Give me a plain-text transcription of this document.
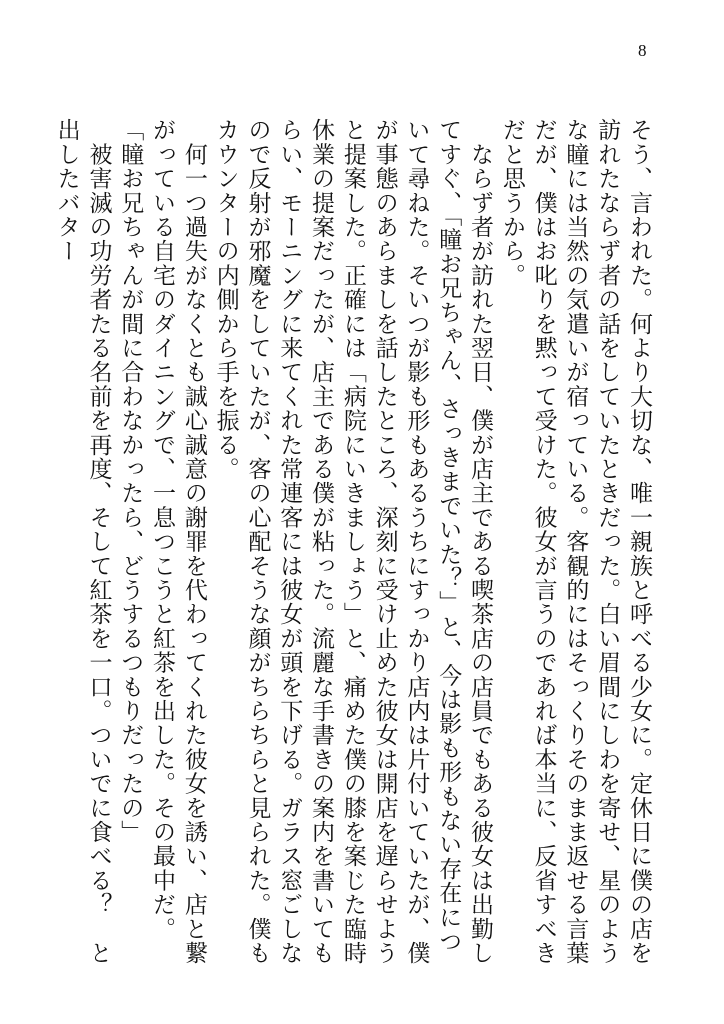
8

そう、言われた。何より大切な、唯一親族と呼べる少女に。定休日に僕の店を訪れたならず者の話をしていたときだった。白い眉間にしわを寄せ、星のような瞳には当然の気遣いが宿っている。客観的にはそっくりそのまま返せる言葉だが、僕はお叱りを黙って受けた。彼女が言うのであれば本当に、反省すべきだと思うから。

　ならず者が訪れた翌日、僕が店主である喫茶店の店員でもある彼女は出勤してすぐ、「瞳お兄ちゃん、さっきまでいた？」と、今は影も形もない存在について尋ねた。そいつが影も形もあるうちにすっかり店内は片付いていたが、僕が事態のあらましを話したところ、深刻に受け止めた彼女は開店を遅らせようと提案した。正確には「病院にいきましょう」と、痛めた僕の膝を案じた臨時休業の提案だったが、店主である僕が粘った。流麗な手書きの案内を書いてもらい、モーニングに来てくれた常連客には彼女が頭を下げる。ガラス窓ごしなので反射が邪魔をしていたが、客の心配そうな顔がちらちらと見られた。僕もカウンターの内側から手を振る。

　何一つ過失がなくとも誠心誠意の謝罪を代わってくれた彼女を誘い、店と繋がっている自宅のダイニングで、一息つこうと紅茶を出した。その最中だ。

「瞳お兄ちゃんが間に合わなかったら、どうするつもりだったの」

　被害滅の功労者たる名前を再度、そして紅茶を一口。ついでに食べる？　と出したバター
